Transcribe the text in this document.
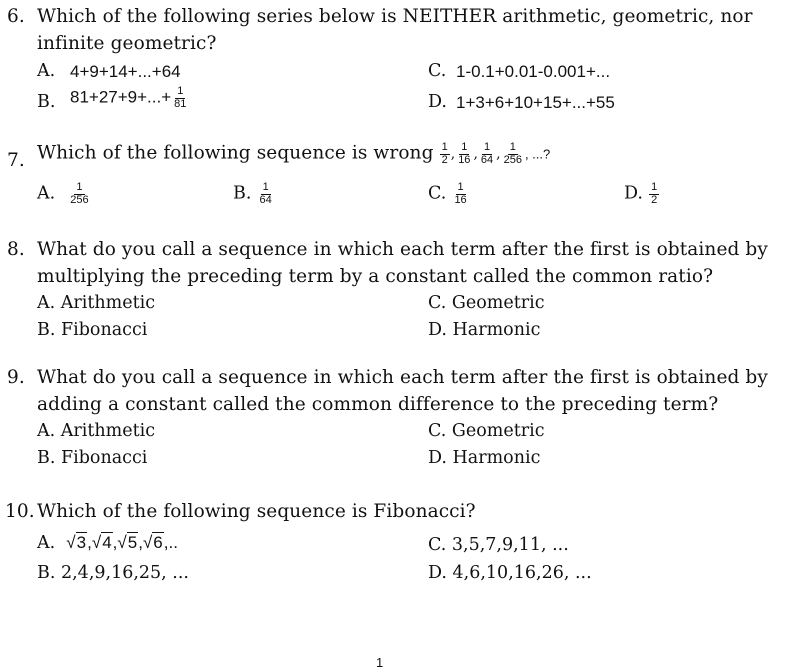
6. Which of the following series below is NEITHER arithmetic, geometric, nor
infinite geometric?
A. 4+9+14+...+64	C. 1-0.1+0.01-0.001+...
B. $81+27+9+...+ \frac{1}{81}$	D. 1+3+6+10+15+...+55
7. Which of the following sequence is wrong $\frac{1}{2}$ , $\frac{1}{16}$ , $\frac{1}{64}$ , $\frac{1}{256}$ , ...?
A. $\frac{1}{256}$	B. $\frac{1}{64}$	C. $\frac{1}{16}$	D. $\frac{1}{2}$
8. What do you call a sequence in which each term after the first is obtained by
multiplying the preceding term by a constant called the common ratio?
A. Arithmetic	C. Geometric
B. Fibonacci	D. Harmonic
9. What do you call a sequence in which each term after the first is obtained by
adding a constant called the common difference to the preceding term?
A. Arithmetic	C. Geometric
B. Fibonacci	D. Harmonic
10. Which of the following sequence is Fibonacci?
A. √3,√4,√5,√6,..	C. 3,5,7,9,11, ...
B. 2,4,9,16,25, ...	D. 4,6,10,16,26, ...
1
